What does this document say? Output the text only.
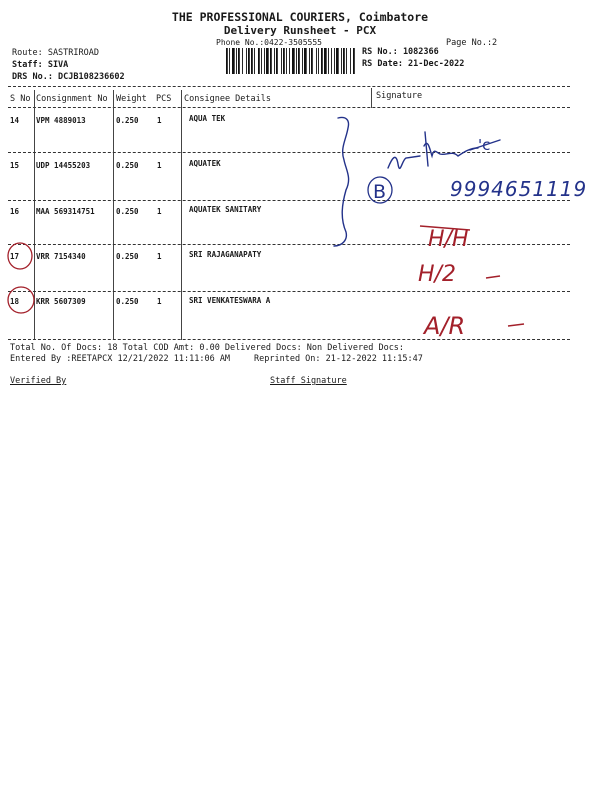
THE PROFESSIONAL COURIERS, Coimbatore
Delivery Runsheet - PCX
Phone No.:0422-3505555	Page No.:2
Route: SASTRIROAD
Staff: SIVA
DRS No.: DCJB108236602
RS No.: 1082366
RS Date: 21-Dec-2022
S No Consignment No Weight PCS Consignee Details	Signature
14 VPM 4889013	0.250 1	AQUA TEK
15 UDP 14455203	0.250 1	AQUATEK
16 MAA 569314751	0.250 1	AQUATEK SANITARY
17 VRR 7154340	0.250 1	SRI RAJAGANAPATY
18 KRR 5607309	0.250 1	SRI VENKATESWARA A
Total No. Of Docs: 18 Total COD Amt: 0.00 Delivered Docs: Non Delivered Docs:
Entered By :REETAPCX 12/21/2022 11:11:06 AM	Reprinted On: 21-12-2022 11:15:47
Verified By	Staff Signature
B
'c
9994651119
H/H
H/2
A/R
